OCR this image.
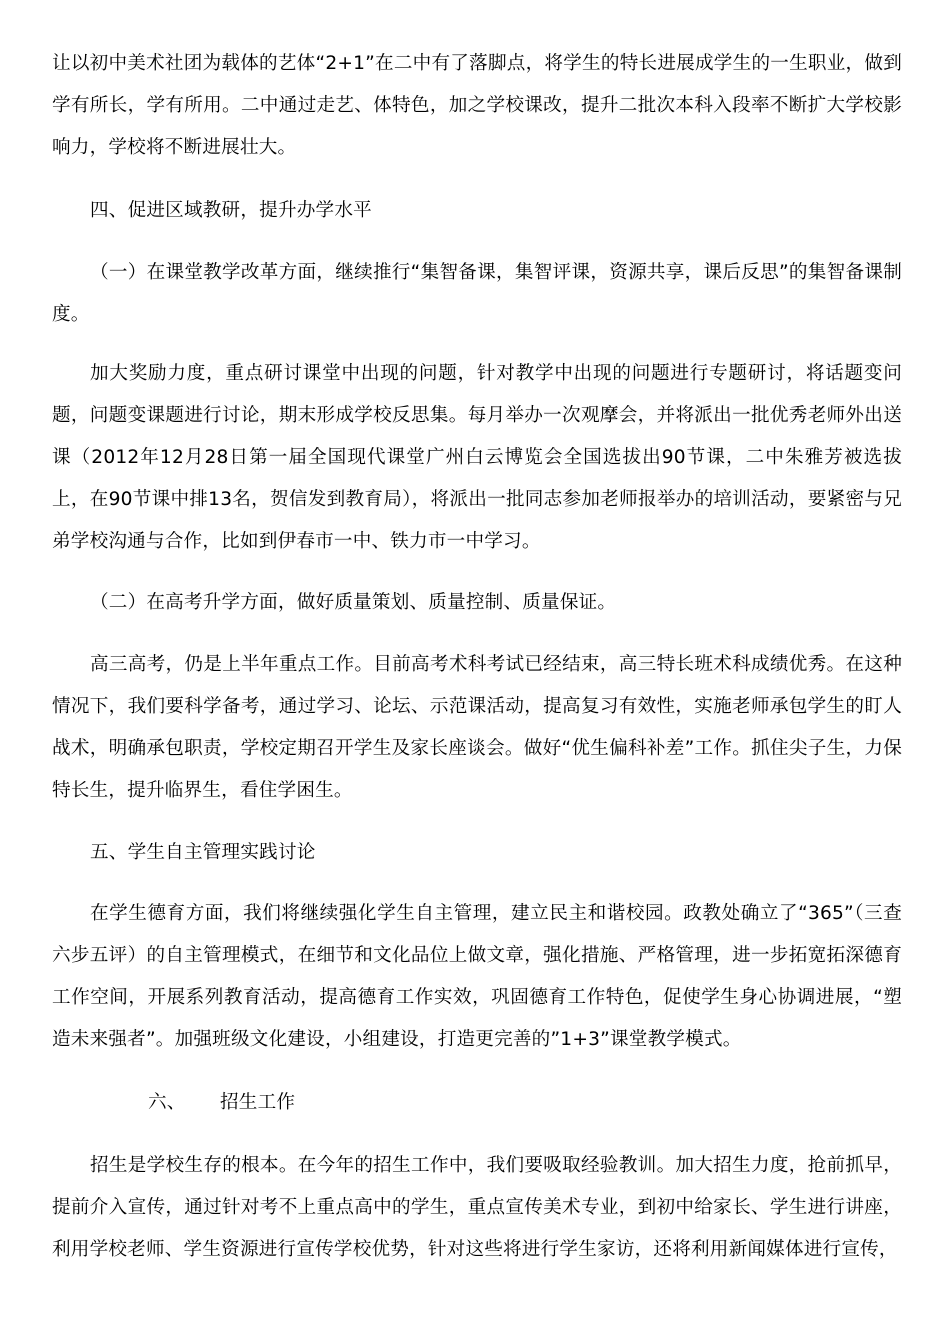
让以初中美术社团为载体的艺体“2+1”在二中有了落脚点，将学生的特长进展成学生的一生职业，做到学有所长，学有所用。二中通过走艺、体特色，加之学校课改，提升二批次本科入段率不断扩大学校影响力，学校将不断进展壮大。
四、促进区域教研，提升办学水平
（一）在课堂教学改革方面，继续推行“集智备课，集智评课，资源共享，课后反思”的集智备课制度。
加大奖励力度，重点研讨课堂中出现的问题，针对教学中出现的问题进行专题研讨，将话题变问题，问题变课题进行讨论，期末形成学校反思集。每月举办一次观摩会，并将派出一批优秀老师外出送课（2012年12月28日第一届全国现代课堂广州白云博览会全国选拔出90节课，二中朱雅芳被选拔上，在90节课中排13名，贺信发到教育局），将派出一批同志参加老师报举办的培训活动，要紧密与兄弟学校沟通与合作，比如到伊春市一中、铁力市一中学习。
（二）在高考升学方面，做好质量策划、质量控制、质量保证。
高三高考，仍是上半年重点工作。目前高考术科考试已经结束，高三特长班术科成绩优秀。在这种情况下，我们要科学备考，通过学习、论坛、示范课活动，提高复习有效性，实施老师承包学生的盯人战术，明确承包职责，学校定期召开学生及家长座谈会。做好“优生偏科补差”工作。抓住尖子生，力保特长生，提升临界生，看住学困生。
五、学生自主管理实践讨论
在学生德育方面，我们将继续强化学生自主管理，建立民主和谐校园。政教处确立了“365”（三查六步五评）的自主管理模式，在细节和文化品位上做文章，强化措施、严格管理，进一步拓宽拓深德育工作空间，开展系列教育活动，提高德育工作实效，巩固德育工作特色，促使学生身心协调进展，“塑造未来强者”。加强班级文化建设，小组建设，打造更完善的”1+3”课堂教学模式。
六、	招生工作
招生是学校生存的根本。在今年的招生工作中，我们要吸取经验教训。加大招生力度，抢前抓早，提前介入宣传，通过针对考不上重点高中的学生，重点宣传美术专业，到初中给家长、学生进行讲座，利用学校老师、学生资源进行宣传学校优势，针对这些将进行学生家访，还将利用新闻媒体进行宣传，
